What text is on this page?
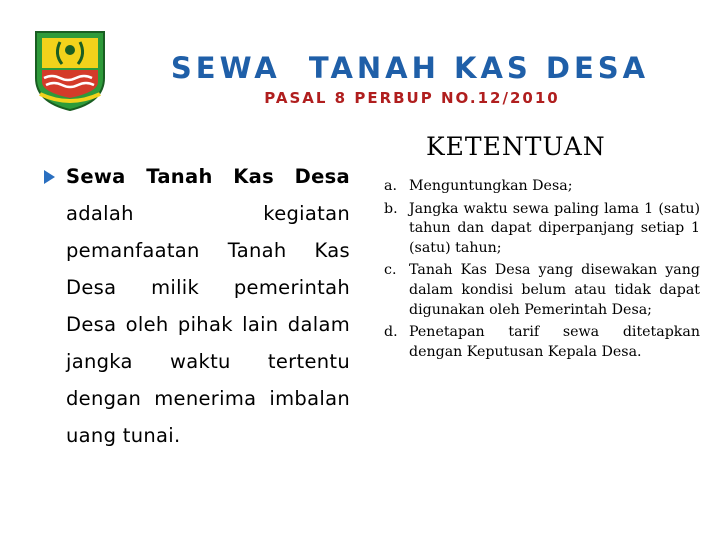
SEWA  TANAH KAS DESA
PASAL 8 PERBUP NO.12/2010
Sewa Tanah Kas Desa adalah kegiatan pemanfaatan Tanah Kas Desa milik pemerintah Desa oleh pihak lain dalam jangka waktu tertentu dengan menerima imbalan uang tunai.
KETENTUAN
a. Menguntungkan Desa;
b. Jangka waktu sewa paling lama 1 (satu) tahun dan dapat diperpanjang setiap 1 (satu) tahun;
c. Tanah Kas Desa yang disewakan yang dalam kondisi belum atau tidak dapat digunakan oleh Pemerintah Desa;
d. Penetapan tarif sewa ditetapkan dengan Keputusan Kepala Desa.
